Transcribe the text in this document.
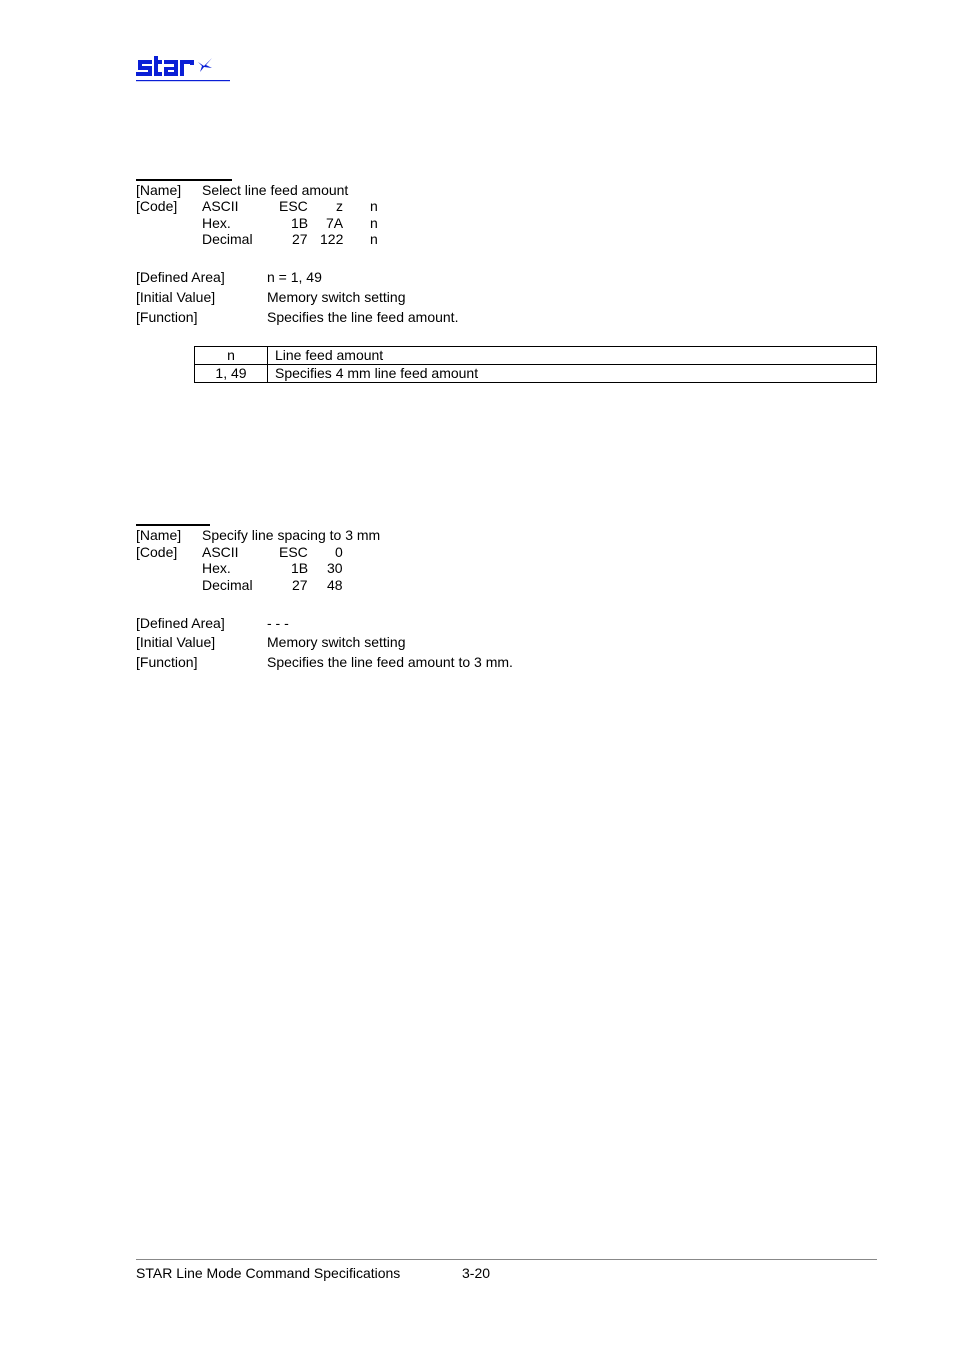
[Name] Select line feed amount
[Code] ASCII	ESC z n
Hex.	1B 7A n
Decimal	27 122 n
[Defined Area]	n = 1, 49
[Initial Value]	Memory switch setting
[Function]	Specifies the line feed amount.
n	Line feed amount
1, 49	Specifies 4 mm line feed amount
[Name] Specify line spacing to 3 mm
[Code] ASCII	ESC 0
Hex.	1B 30
Decimal	27 48
[Defined Area]	- - -
[Initial Value]	Memory switch setting
[Function]	Specifies the line feed amount to 3 mm.
STAR Line Mode Command Specifications	3-20
